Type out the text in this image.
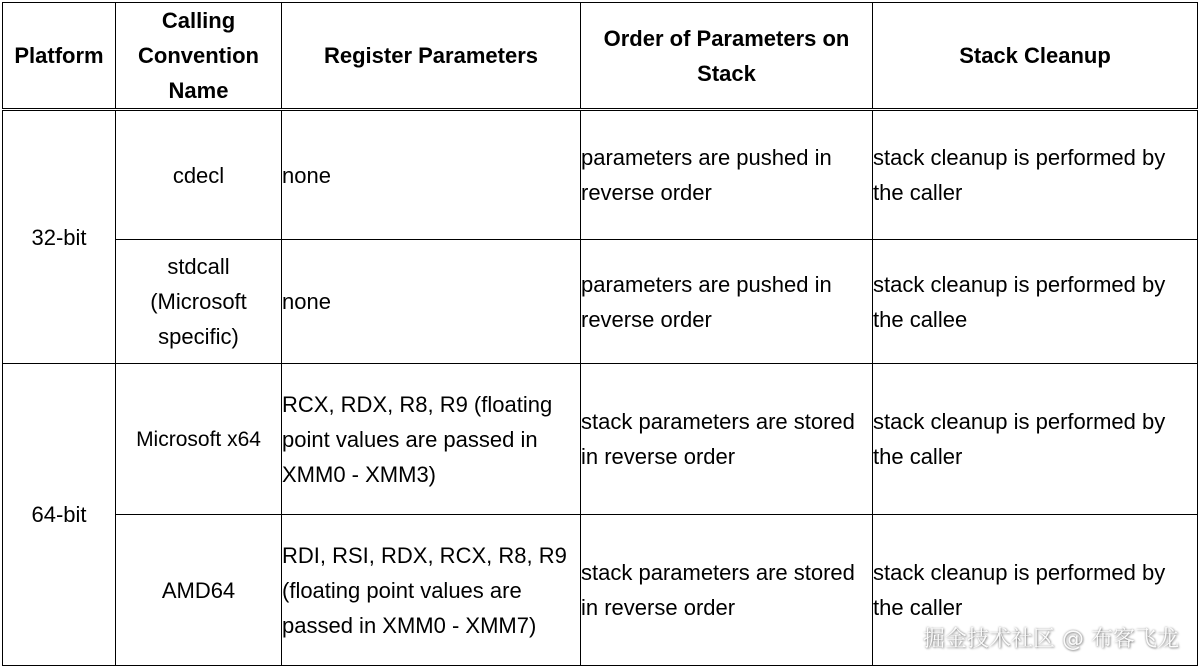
Platform	Calling Convention Name	Register Parameters	Order of Parameters on Stack	Stack Cleanup
32-bit	cdecl	none	parameters are pushed in reverse order	stack cleanup is performed by the caller
	stdcall (Microsoft specific)	none	parameters are pushed in reverse order	stack cleanup is performed by the callee
64-bit	Microsoft x64	RCX, RDX, R8, R9 (floating point values are passed in XMM0 - XMM3)	stack parameters are stored in reverse order	stack cleanup is performed by the caller
	AMD64	RDI, RSI, RDX, RCX, R8, R9 (floating point values are passed in XMM0 - XMM7)	stack parameters are stored in reverse order	stack cleanup is performed by the caller
掘金技术社区 @ 布客飞龙
